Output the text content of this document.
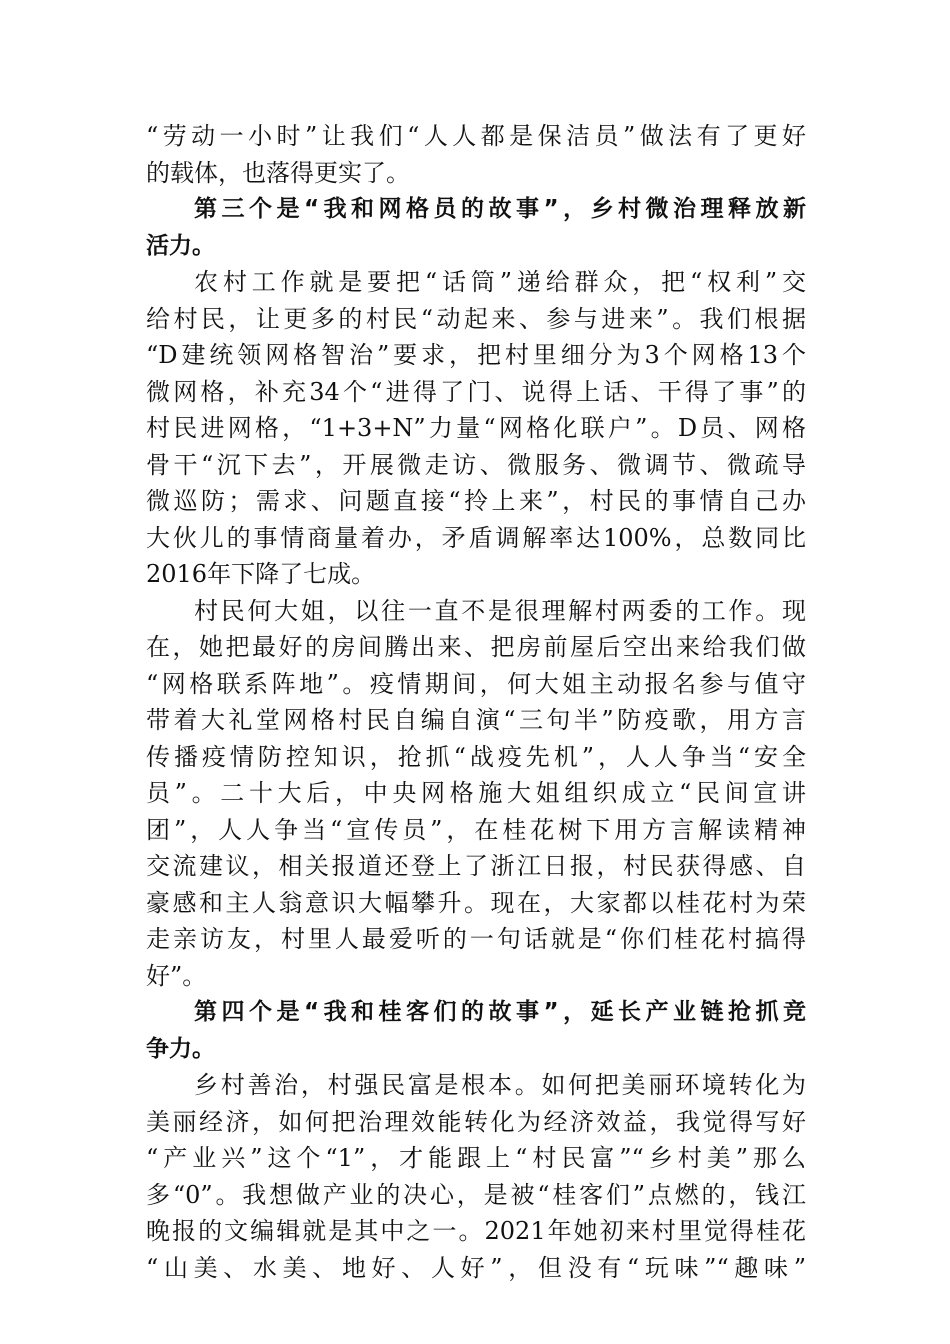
“劳动一小时”让我们“人人都是保洁员”做法有了更好
的载体，也落得更实了。
第三个是“我和网格员的故事”，乡村微治理释放新
活力。
农村工作就是要把“话筒”递给群众，把“权利”交
给村民，让更多的村民“动起来、参与进来”。我们根据
“D建统领网格智治”要求，把村里细分为3个网格13个
微网格，补充34个“进得了门、说得上话、干得了事”的
村民进网格，“1+3+N”力量“网格化联户”。D员、网格
骨干“沉下去”，开展微走访、微服务、微调节、微疏导
微巡防；需求、问题直接“拎上来”，村民的事情自己办
大伙儿的事情商量着办，矛盾调解率达100%，总数同比
2016年下降了七成。
村民何大姐，以往一直不是很理解村两委的工作。现
在，她把最好的房间腾出来、把房前屋后空出来给我们做
“网格联系阵地”。疫情期间，何大姐主动报名参与值守
带着大礼堂网格村民自编自演“三句半”防疫歌，用方言
传播疫情防控知识，抢抓“战疫先机”，人人争当“安全
员”。二十大后，中央网格施大姐组织成立“民间宣讲
团”，人人争当“宣传员”，在桂花树下用方言解读精神
交流建议，相关报道还登上了浙江日报，村民获得感、自
豪感和主人翁意识大幅攀升。现在，大家都以桂花村为荣
走亲访友，村里人最爱听的一句话就是“你们桂花村搞得
好”。
第四个是“我和桂客们的故事”，延长产业链抢抓竞
争力。
乡村善治，村强民富是根本。如何把美丽环境转化为
美丽经济，如何把治理效能转化为经济效益，我觉得写好
“产业兴”这个“1”，才能跟上“村民富”“乡村美”那么
多“0”。我想做产业的决心，是被“桂客们”点燃的，钱江
晚报的文编辑就是其中之一。2021年她初来村里觉得桂花
“山美、水美、地好、人好”，但没有“玩味”“趣味”
